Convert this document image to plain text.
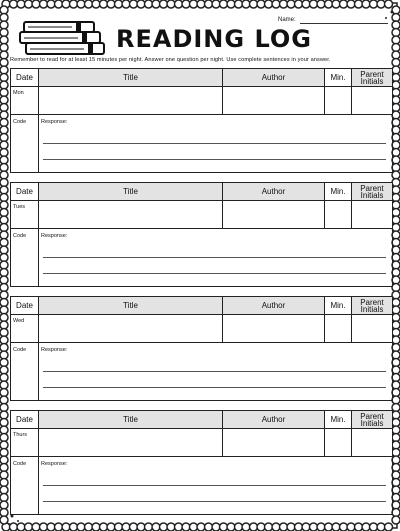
READING LOG
Name:
Remember to read for at least 15 minutes per night. Answer one question per night. Use complete sentences in your answer.
Date	Title	Author	Min.	Parent Initials
Mon
Code	Response:
Date	Title	Author	Min.	Parent Initials
Tues
Code	Response:
Date	Title	Author	Min.	Parent Initials
Wed
Code	Response:
Date	Title	Author	Min.	Parent Initials
Thurs
Code	Response:
